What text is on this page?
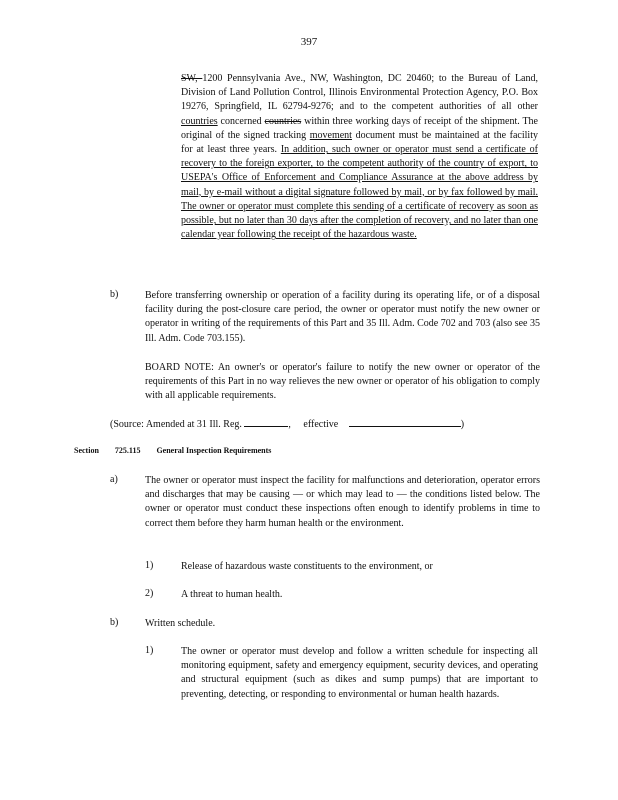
397
SW, 1200 Pennsylvania Ave., NW, Washington, DC 20460; to the Bureau of Land, Division of Land Pollution Control, Illinois Environmental Protection Agency, P.O. Box 19276, Springfield, IL 62794-9276; and to the competent authorities of all other countries concerned countries within three working days of receipt of the shipment. The original of the signed tracking movement document must be maintained at the facility for at least three years. In addition, such owner or operator must send a certificate of recovery to the foreign exporter, to the competent authority of the country of export, to USEPA's Office of Enforcement and Compliance Assurance at the above address by mail, by e-mail without a digital signature followed by mail, or by fax followed by mail. The owner or operator must complete this sending of a certificate of recovery as soon as possible, but no later than 30 days after the completion of recovery, and no later than one calendar year following the receipt of the hazardous waste.
b)	Before transferring ownership or operation of a facility during its operating life, or of a disposal facility during the post-closure care period, the owner or operator must notify the new owner or operator in writing of the requirements of this Part and 35 Ill. Adm. Code 702 and 703 (also see 35 Ill. Adm. Code 703.155).
BOARD NOTE: An owner's or operator's failure to notify the new owner or operator of the requirements of this Part in no way relieves the new owner or operator of his obligation to comply with all applicable requirements.
(Source: Amended at 31 Ill. Reg.	, effective	)
Section 725.115 General Inspection Requirements
a)	The owner or operator must inspect the facility for malfunctions and deterioration, operator errors and discharges that may be causing — or which may lead to — the conditions listed below. The owner or operator must conduct these inspections often enough to identify problems in time to correct them before they harm human health or the environment.
1)	Release of hazardous waste constituents to the environment, or
2)	A threat to human health.
b)	Written schedule.
1)	The owner or operator must develop and follow a written schedule for inspecting all monitoring equipment, safety and emergency equipment, security devices, and operating and structural equipment (such as dikes and sump pumps) that are important to preventing, detecting, or responding to environmental or human health hazards.
